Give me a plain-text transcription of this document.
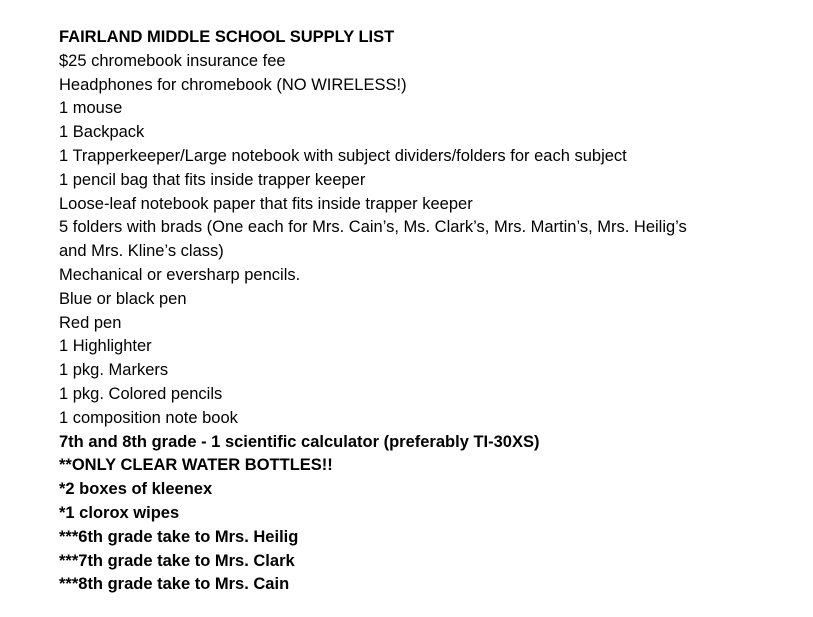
FAIRLAND MIDDLE SCHOOL SUPPLY LIST
$25 chromebook insurance fee
Headphones for chromebook (NO WIRELESS!)
1 mouse
1 Backpack
1 Trapperkeeper/Large notebook with subject dividers/folders for each subject
1 pencil bag that fits inside trapper keeper
Loose-leaf notebook paper that fits inside trapper keeper
5 folders with brads (One each for Mrs. Cain’s, Ms. Clark’s, Mrs. Martin’s, Mrs. Heilig’s
and Mrs. Kline’s class)
Mechanical or eversharp pencils.
Blue or black pen
Red pen
1 Highlighter
1 pkg. Markers
1 pkg. Colored pencils
1 composition note book
7th and 8th grade - 1 scientific calculator (preferably TI-30XS)
**ONLY CLEAR WATER BOTTLES!!
*2 boxes of kleenex
*1 clorox wipes
***6th grade take to Mrs. Heilig
***7th grade take to Mrs. Clark
***8th grade take to Mrs. Cain
